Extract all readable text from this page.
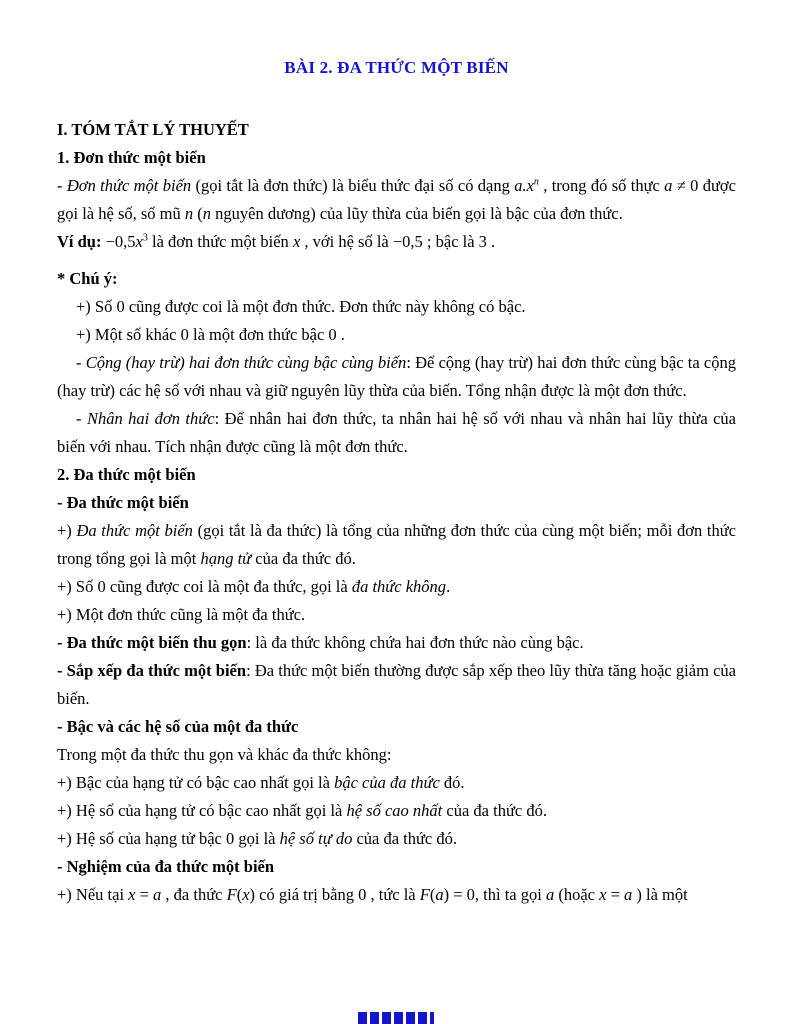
BÀI 2. ĐA THỨC MỘT BIẾN

I. TÓM TẮT LÝ THUYẾT

1. Đơn thức một biến

- Đơn thức một biến (gọi tắt là đơn thức) là biểu thức đại số có dạng $a.x^n$ , trong đó số thực a ≠ 0 được gọi là hệ số, số mũ n (n nguyên dương) của lũy thừa của biến gọi là bậc của đơn thức.

Ví dụ: $-0,5x^3$ là đơn thức một biến x , với hệ số là −0,5 ; bậc là 3 .

* Chú ý:

+) Số 0 cũng được coi là một đơn thức. Đơn thức này không có bậc.

+) Một số khác 0 là một đơn thức bậc 0 .

- Cộng (hay trừ) hai đơn thức cùng bậc cùng biến: Để cộng (hay trừ) hai đơn thức cùng bậc ta cộng (hay trừ) các hệ số với nhau và giữ nguyên lũy thừa của biến. Tổng nhận được là một đơn thức.

- Nhân hai đơn thức: Để nhân hai đơn thức, ta nhân hai hệ số với nhau và nhân hai lũy thừa của biến với nhau. Tích nhận được cũng là một đơn thức.

2. Đa thức một biến

- Đa thức một biến

+) Đa thức một biến (gọi tắt là đa thức) là tổng của những đơn thức của cùng một biến; mỗi đơn thức trong tổng gọi là một hạng tử của đa thức đó.

+) Số 0 cũng được coi là một đa thức, gọi là đa thức không.

+) Một đơn thức cũng là một đa thức.

- Đa thức một biến thu gọn: là đa thức không chứa hai đơn thức nào cùng bậc.

- Sắp xếp đa thức một biến: Đa thức một biến thường được sắp xếp theo lũy thừa tăng hoặc giảm của biến.

- Bậc và các hệ số của một đa thức

Trong một đa thức thu gọn và khác đa thức không:

+) Bậc của hạng tử có bậc cao nhất gọi là bậc của đa thức đó.

+) Hệ số của hạng tử có bậc cao nhất gọi là hệ số cao nhất của đa thức đó.

+) Hệ số của hạng tử bậc 0 gọi là hệ số tự do của đa thức đó.

- Nghiệm của đa thức một biến

+) Nếu tại x = a , đa thức F(x) có giá trị bằng 0 , tức là F(a) = 0, thì ta gọi a (hoặc x = a ) là một
